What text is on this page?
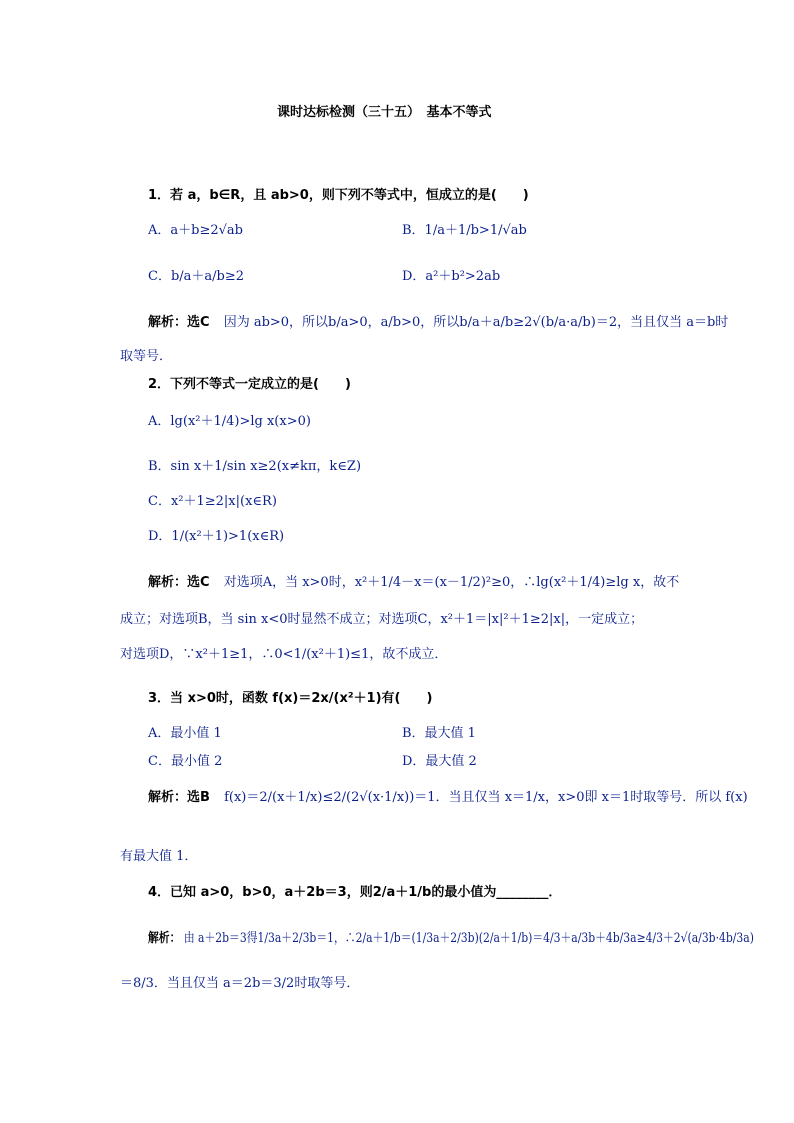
课时达标检测（三十五）　基本不等式
1．若 a，b∈R，且 ab>0，则下列不等式中，恒成立的是(　　)
A．a＋b≥2√ab	B．1/a＋1/b>1/√ab
C．b/a＋a/b≥2	D．a²＋b²>2ab
解析：选C 因为 ab>0，所以b/a>0，a/b>0，所以b/a＋a/b≥2√(b/a·a/b)＝2，当且仅当 a＝b时
取等号．
2．下列不等式一定成立的是(　　)
A．lg(x²＋1/4)>lg x(x>0)
B．sin x＋1/sin x≥2(x≠kπ，k∈Z)
C．x²＋1≥2|x|(x∈R)
D．1/(x²＋1)>1(x∈R)
解析：选C 对选项A，当 x>0时，x²＋1/4－x＝(x－1/2)²≥0，∴lg(x²＋1/4)≥lg x，故不
成立；对选项B，当 sin x<0时显然不成立；对选项C，x²＋1＝|x|²＋1≥2|x|，一定成立；
对选项D，∵x²＋1≥1，∴0<1/(x²＋1)≤1，故不成立．
3．当 x>0时，函数 f(x)＝2x/(x²＋1)有(　　)
A．最小值 1	B．最大值 1
C．最小值 2	D．最大值 2
解析：选B f(x)＝2/(x＋1/x)≤2/(2√(x·1/x))＝1．当且仅当 x＝1/x，x>0即 x＝1时取等号．所以 f(x)
有最大值 1．
4．已知 a>0，b>0，a＋2b＝3，则2/a＋1/b的最小值为________．
解析： 由 a＋2b＝3得1/3a＋2/3b＝1，∴2/a＋1/b＝(1/3a＋2/3b)(2/a＋1/b)＝4/3＋a/3b＋4b/3a≥4/3＋2√(a/3b·4b/3a)
＝8/3．当且仅当 a＝2b＝3/2时取等号．
